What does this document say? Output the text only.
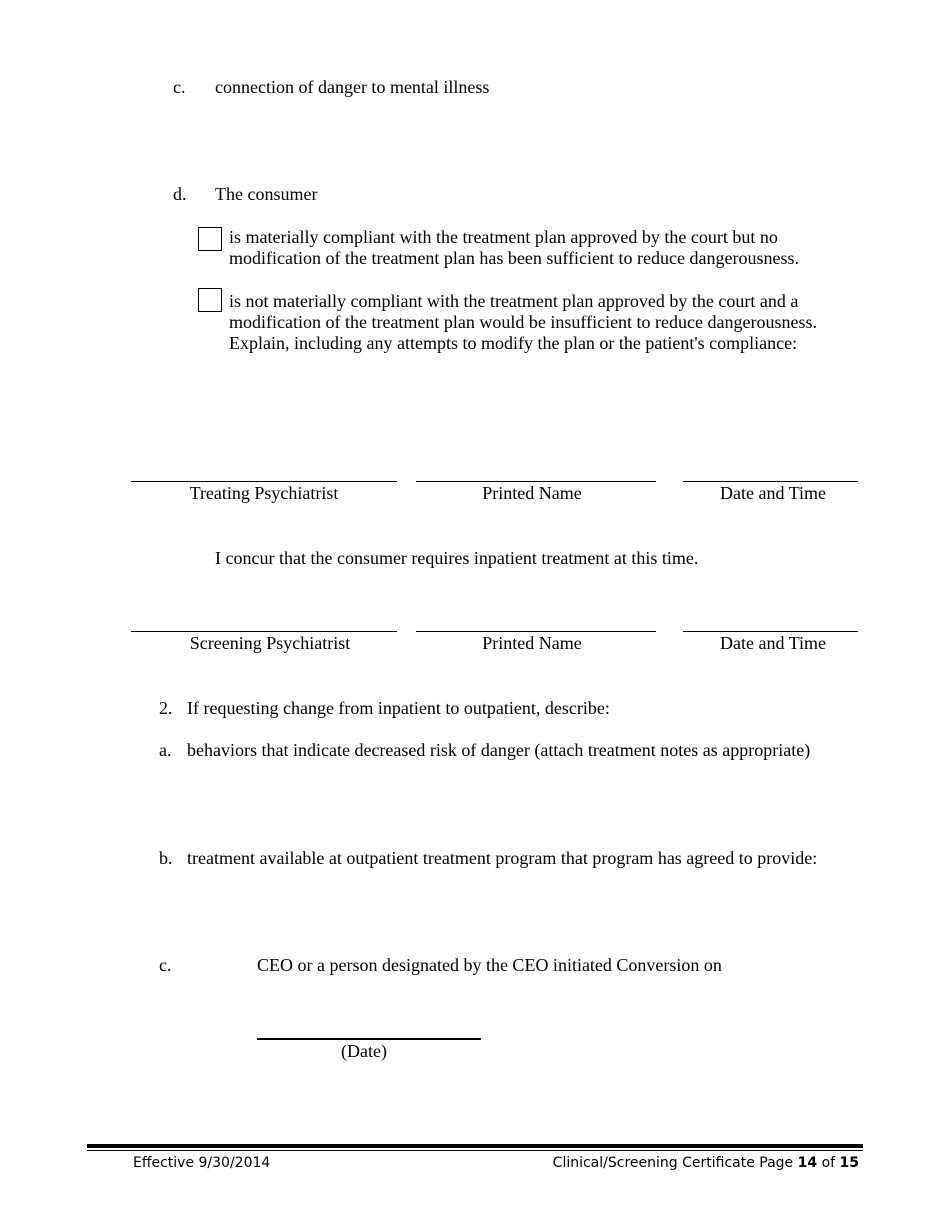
c. connection of danger to mental illness
d. The consumer
is materially compliant with the treatment plan approved by the court but no
modification of the treatment plan has been sufficient to reduce dangerousness.
is not materially compliant with the treatment plan approved by the court and a
modification of the treatment plan would be insufficient to reduce dangerousness.
Explain, including any attempts to modify the plan or the patient's compliance:
Treating Psychiatrist	Printed Name	Date and Time
I concur that the consumer requires inpatient treatment at this time.
Screening Psychiatrist	Printed Name	Date and Time
2. If requesting change from inpatient to outpatient, describe:
a. behaviors that indicate decreased risk of danger (attach treatment notes as appropriate)
b. treatment available at outpatient treatment program that program has agreed to provide:
c.	CEO or a person designated by the CEO initiated Conversion on
(Date)
Effective 9/30/2014	Clinical/Screening Certificate Page 14 of 15
